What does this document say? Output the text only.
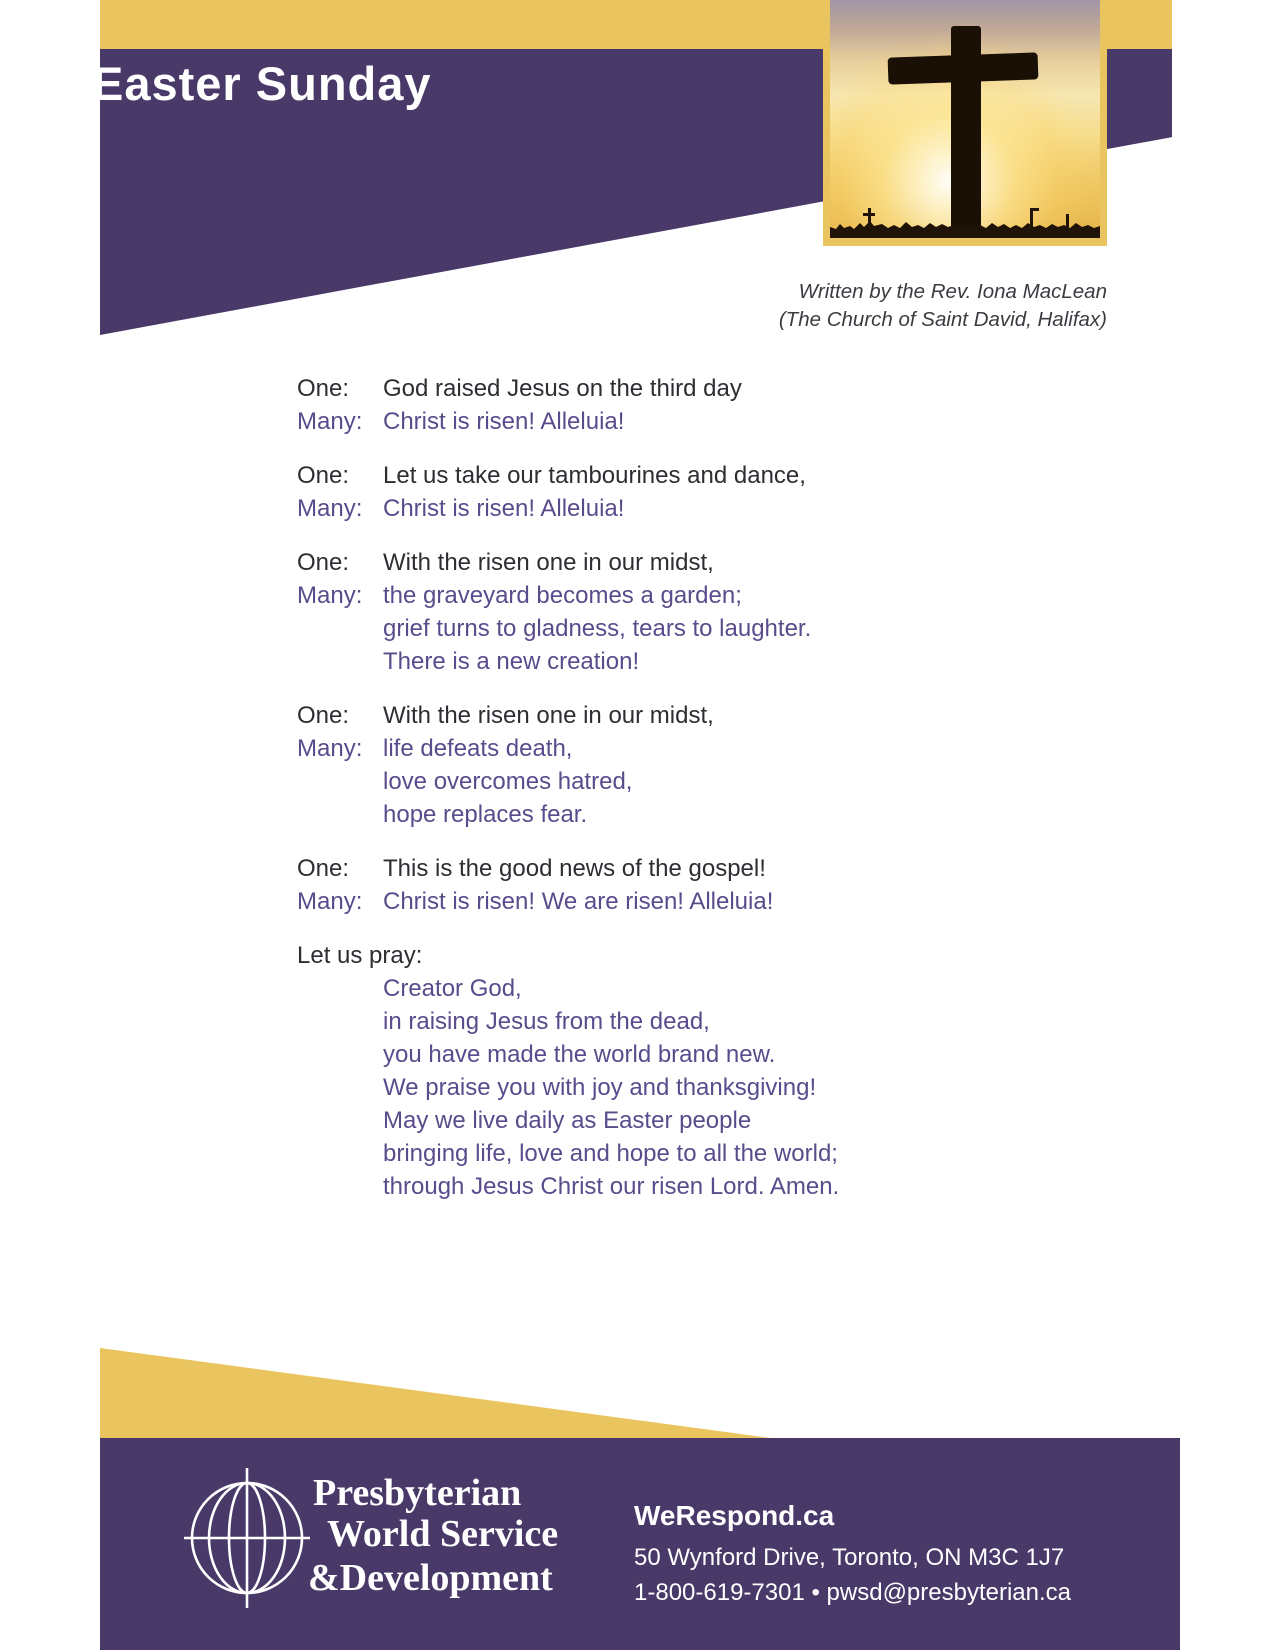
Easter Sunday
Written by the Rev. Iona MacLean
(The Church of Saint David, Halifax)
One:	God raised Jesus on the third day
Many: Christ is risen! Alleluia!
One:	Let us take our tambourines and dance,
Many: Christ is risen! Alleluia!
One:	With the risen one in our midst,
Many: the graveyard becomes a garden;
grief turns to gladness, tears to laughter.
There is a new creation!
One:	With the risen one in our midst,
Many: life defeats death,
love overcomes hatred,
hope replaces fear.
One:	This is the good news of the gospel!
Many: Christ is risen! We are risen! Alleluia!
Let us pray:
Creator God,
in raising Jesus from the dead,
you have made the world brand new.
We praise you with joy and thanksgiving!
May we live daily as Easter people
bringing life, love and hope to all the world;
through Jesus Christ our risen Lord. Amen.

Presbyterian

World Service

&Development

WeRespond.ca

50 Wynford Drive, Toronto, ON M3C 1J7

1-800-619-7301 • pwsd@presbyterian.ca
